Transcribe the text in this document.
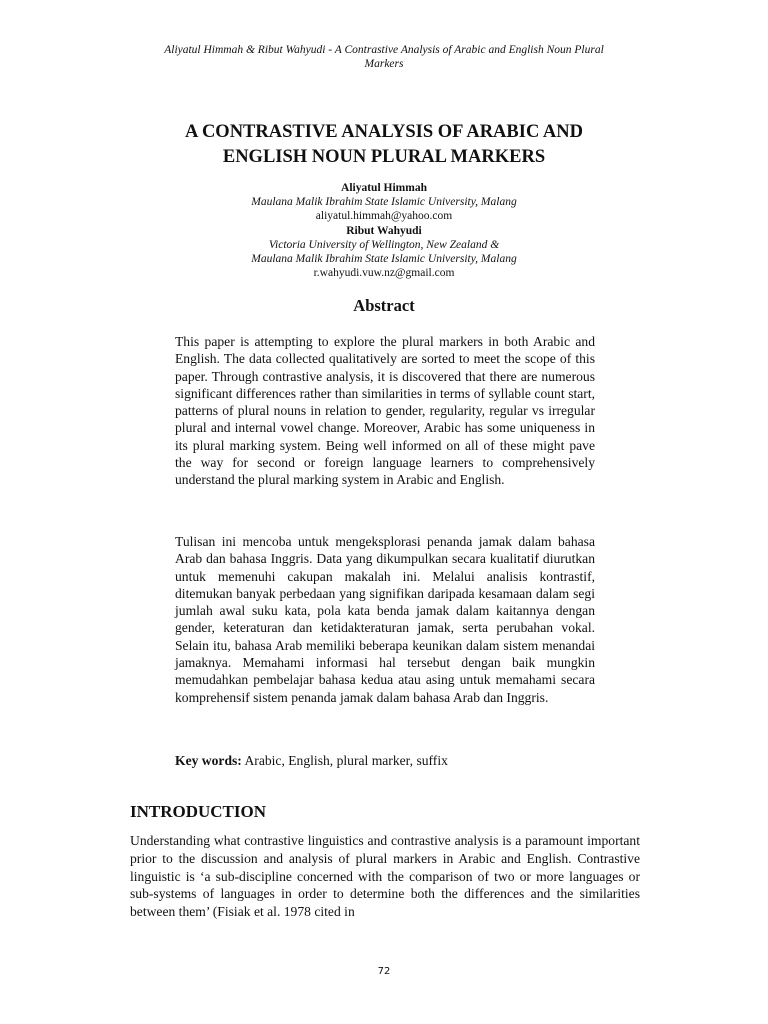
Aliyatul Himmah & Ribut Wahyudi - A Contrastive Analysis of Arabic and English Noun Plural
Markers
A CONTRASTIVE ANALYSIS OF ARABIC AND
ENGLISH NOUN PLURAL MARKERS
Aliyatul Himmah
Maulana Malik Ibrahim State Islamic University, Malang
aliyatul.himmah@yahoo.com
Ribut Wahyudi
Victoria University of Wellington, New Zealand &
Maulana Malik Ibrahim State Islamic University, Malang
r.wahyudi.vuw.nz@gmail.com
Abstract

This paper is attempting to explore the plural markers in both Arabic and English. The data collected qualitatively are sorted to meet the scope of this paper. Through contrastive analysis, it is discovered that there are numerous significant differences rather than similarities in terms of syllable count start, patterns of plural nouns in relation to gender, regularity, regular vs irregular plural and internal vowel change. Moreover, Arabic has some uniqueness in its plural marking system. Being well informed on all of these might pave the way for second or foreign language learners to comprehensively understand the plural marking system in Arabic and English.

Tulisan ini mencoba untuk mengeksplorasi penanda jamak dalam bahasa Arab dan bahasa Inggris. Data yang dikumpulkan secara kualitatif diurutkan untuk memenuhi cakupan makalah ini. Melalui analisis kontrastif, ditemukan banyak perbedaan yang signifikan daripada kesamaan dalam segi jumlah awal suku kata, pola kata benda jamak dalam kaitannya dengan gender, keteraturan dan ketidakteraturan jamak, serta perubahan vokal. Selain itu, bahasa Arab memiliki beberapa keunikan dalam sistem menandai jamaknya. Memahami informasi hal tersebut dengan baik mungkin memudahkan pembelajar bahasa kedua atau asing untuk memahami secara komprehensif sistem penanda jamak dalam bahasa Arab dan Inggris.

Key words: Arabic, English, plural marker, suffix
INTRODUCTION

Understanding what contrastive linguistics and contrastive analysis is a paramount important prior to the discussion and analysis of plural markers in Arabic and English. Contrastive linguistic is ‘a sub-discipline concerned with the comparison of two or more languages or sub-systems of languages in order to determine both the differences and the similarities between them’ (Fisiak et al. 1978 cited in

72
